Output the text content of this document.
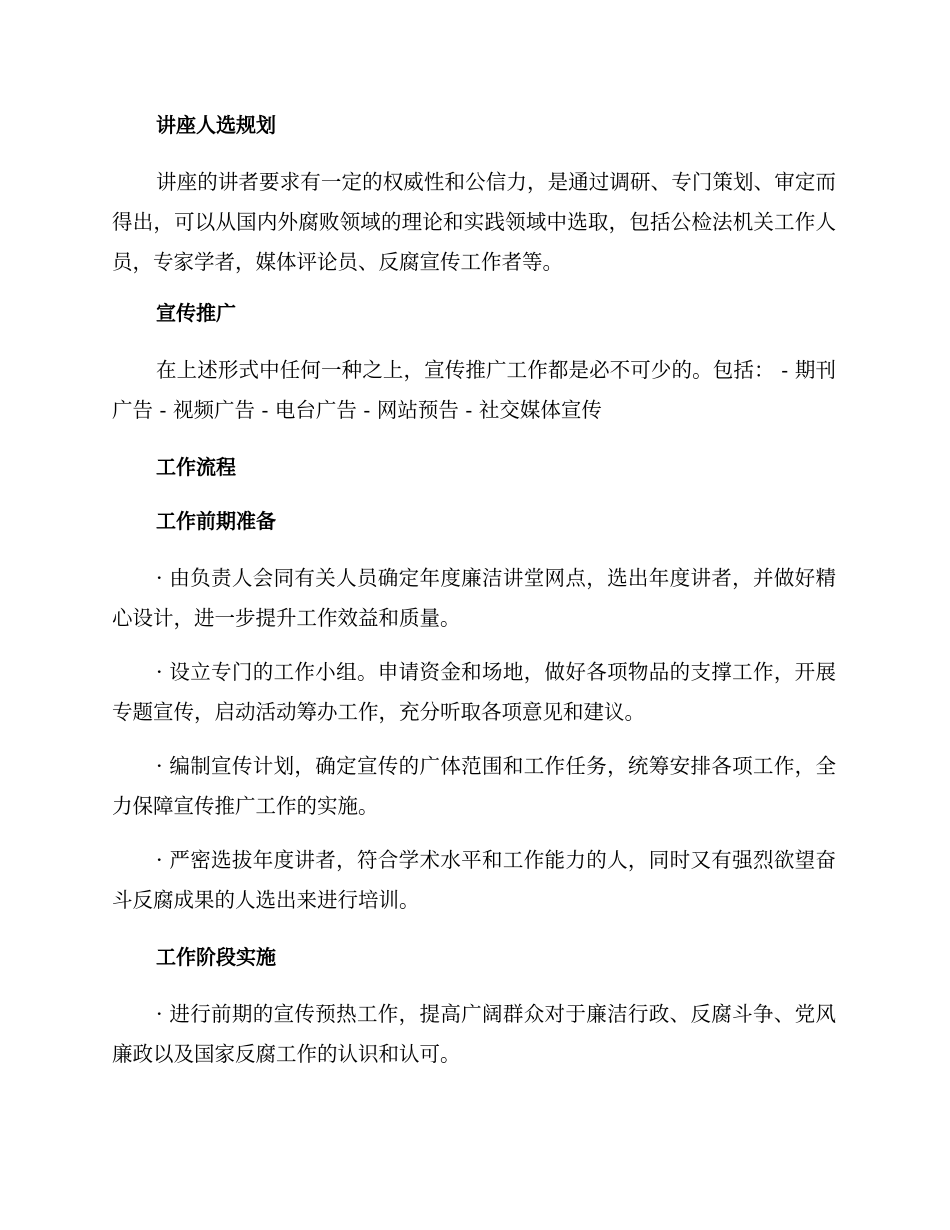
讲座人选规划

讲座的讲者要求有一定的权威性和公信力，是通过调研、专门策划、审定而得出，可以从国内外腐败领域的理论和实践领域中选取，包括公检法机关工作人员，专家学者，媒体评论员、反腐宣传工作者等。

宣传推广

在上述形式中任何一种之上，宣传推广工作都是必不可少的。包括： - 期刊广告 - 视频广告 - 电台广告 - 网站预告 - 社交媒体宣传

工作流程
工作前期准备

· 由负责人会同有关人员确定年度廉洁讲堂网点，选出年度讲者，并做好精心设计，进一步提升工作效益和质量。

· 设立专门的工作小组。申请资金和场地，做好各项物品的支撑工作，开展专题宣传，启动活动筹办工作，充分听取各项意见和建议。

· 编制宣传计划，确定宣传的广体范围和工作任务，统筹安排各项工作，全力保障宣传推广工作的实施。

· 严密选拔年度讲者，符合学术水平和工作能力的人，同时又有强烈欲望奋斗反腐成果的人选出来进行培训。

工作阶段实施

· 进行前期的宣传预热工作，提高广阔群众对于廉洁行政、反腐斗争、党风廉政以及国家反腐工作的认识和认可。
